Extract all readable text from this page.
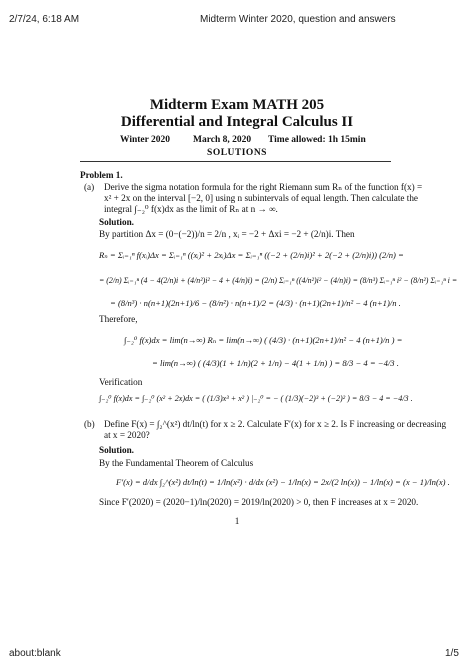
2/7/24, 6:18 AM	Midterm Winter 2020, question and answers
Midterm Exam MATH 205
Differential and Integral Calculus II
Winter 2020 March 8, 2020 Time allowed: 1h 15min
SOLUTIONS
Problem 1.
(a) Derive the sigma notation formula for the right Riemann sum Rₙ of the function f(x) =
x² + 2x on the interval [−2, 0] using n subintervals of equal length. Then calculate the
integral ∫₋₂⁰ f(x)dx as the limit of Rₙ at n → ∞.
Solution.
By partition Δx = (0−(−2))/n = 2/n , xᵢ = −2 + Δxi = −2 + (2/n)i. Then
Rₙ = Σᵢ₌₁ⁿ f(xᵢ)Δx = Σᵢ₌₁ⁿ ((xᵢ)² + 2xᵢ)Δx = Σᵢ₌₁ⁿ ((−2 + (2/n)i)² + 2(−2 + (2/n)i)) (2/n) =
= (2/n) Σᵢ₌₁ⁿ (4 − 4(2/n)i + (4/n²)i² − 4 + (4/n)i) = (2/n) Σᵢ₌₁ⁿ ((4/n²)i² − (4/n)i) = (8/n³) Σᵢ₌₁ⁿ i² − (8/n²) Σᵢ₌₁ⁿ i =
= (8/n³) · n(n+1)(2n+1)/6 − (8/n²) · n(n+1)/2 = (4/3) · (n+1)(2n+1)/n² − 4 (n+1)/n .
Therefore,
∫₋₂⁰ f(x)dx = lim(n→∞) Rₙ = lim(n→∞) ( (4/3) · (n+1)(2n+1)/n² − 4 (n+1)/n ) =
= lim(n→∞) ( (4/3)(1 + 1/n)(2 + 1/n) − 4(1 + 1/n) ) = 8/3 − 4 = −4/3 .
Verification
∫₋₂⁰ f(x)dx = ∫₋₂⁰ (x² + 2x)dx = ( (1/3)x³ + x² ) |₋₂⁰ = − ( (1/3)(−2)³ + (−2)² ) = 8/3 − 4 = −4/3 .
(b) Define F(x) = ∫₂^(x²) dt/ln(t) for x ≥ 2. Calculate F′(x) for x ≥ 2. Is F increasing or decreasing
at x = 2020?
Solution.
By the Fundamental Theorem of Calculus
F′(x) = d/dx ∫₂^(x²) dt/ln(t) = 1/ln(x²) · d/dx (x²) − 1/ln(x) = 2x/(2 ln(x)) − 1/ln(x) = (x − 1)/ln(x) .
Since F′(2020) = (2020−1)/ln(2020) = 2019/ln(2020) > 0, then F increases at x = 2020.
1
about:blank	1/5
